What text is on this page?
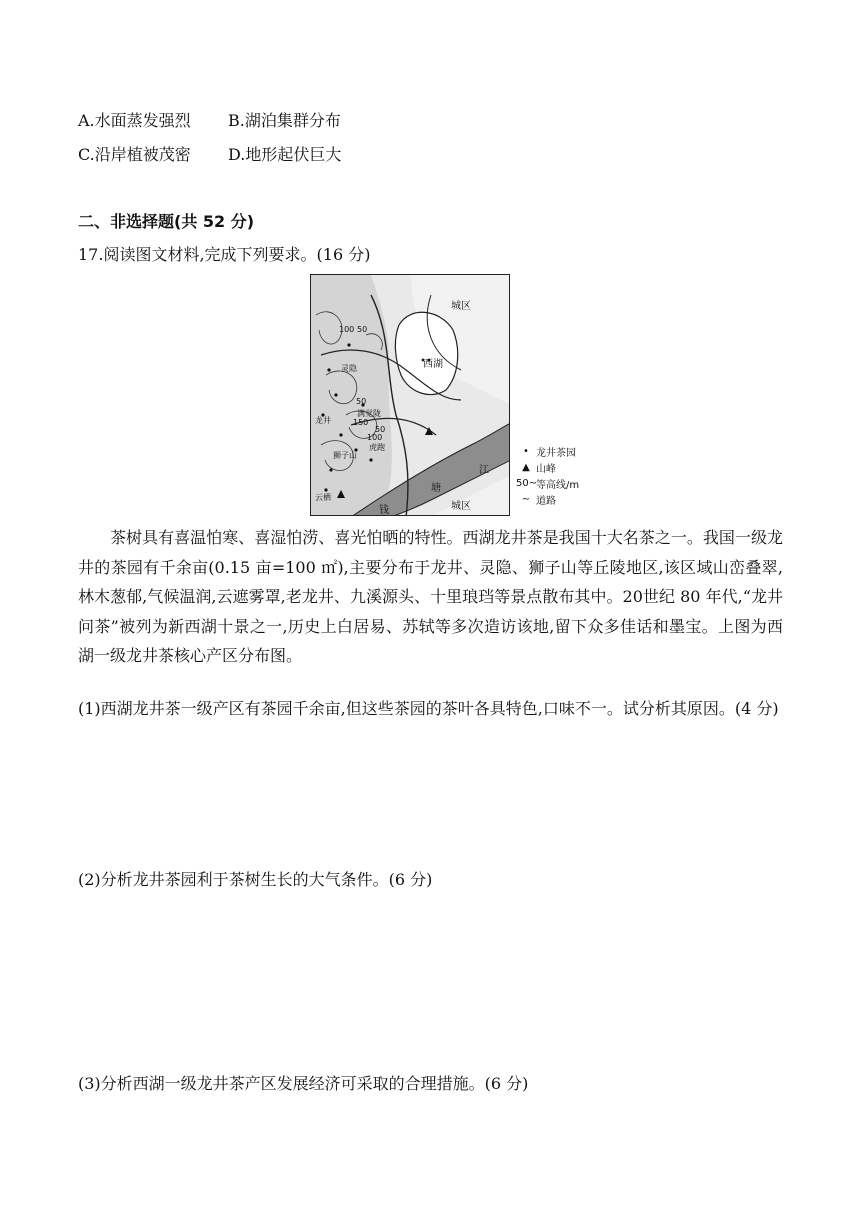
A.水面蒸发强烈 B.湖泊集群分布
C.沿岸植被茂密 D.地形起伏巨大
二、非选择题(共 52 分)
17.阅读图文材料,完成下列要求。(16 分)
城区
西湖
江
塘
钱	城区
龙井
灵隐
狮子山
云栖
满觉陇
虎跑
100 50
50
150
50
100
• 龙井茶园
▲ 山峰
50~
等高线/m
∼ 道路
茶树具有喜温怕寒、喜湿怕涝、喜光怕晒的特性。西湖龙井茶是我国十大名茶之一。我国一级龙井的茶园有千余亩(0.15 亩=100 ㎡),主要分布于龙井、灵隐、狮子山等丘陵地区,该区域山峦叠翠,林木葱郁,气候温润,云遮雾罩,老龙井、九溪源头、十里琅珰等景点散布其中。20世纪 80 年代,“龙井问茶”被列为新西湖十景之一,历史上白居易、苏轼等多次造访该地,留下众多佳话和墨宝。上图为西湖一级龙井茶核心产区分布图。
(1)西湖龙井茶一级产区有茶园千余亩,但这些茶园的茶叶各具特色,口味不一。试分析其原因。(4 分)
(2)分析龙井茶园利于茶树生长的大气条件。(6 分)
(3)分析西湖一级龙井茶产区发展经济可采取的合理措施。(6 分)
